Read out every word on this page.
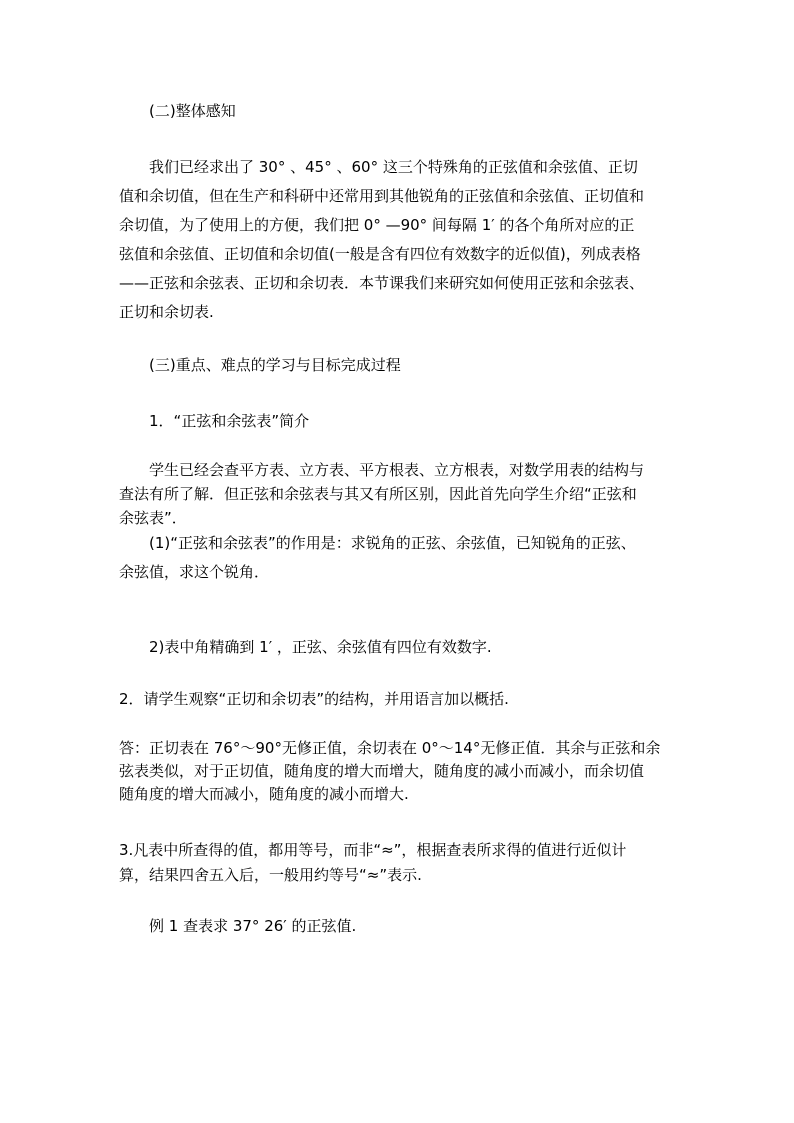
(二)整体感知

我们已经求出了 30° 、45° 、60° 这三个特殊角的正弦值和余弦值、正切
值和余切值，但在生产和科研中还常用到其他锐角的正弦值和余弦值、正切值和
余切值，为了使用上的方便，我们把 0° —90° 间每隔 1′ 的各个角所对应的正
弦值和余弦值、正切值和余切值(一般是含有四位有效数字的近似值)，列成表格
——正弦和余弦表、正切和余切表．本节课我们来研究如何使用正弦和余弦表、
正切和余切表.

(三)重点、难点的学习与目标完成过程

1．“正弦和余弦表”简介

学生已经会查平方表、立方表、平方根表、立方根表，对数学用表的结构与
查法有所了解．但正弦和余弦表与其又有所区别，因此首先向学生介绍“正弦和
余弦表”．

(1)“正弦和余弦表”的作用是：求锐角的正弦、余弦值，已知锐角的正弦、
余弦值，求这个锐角．

2)表中角精确到 1′ ，正弦、余弦值有四位有效数字.

2．请学生观察“正切和余切表”的结构，并用语言加以概括.

答：正切表在 76°～90°无修正值，余切表在 0°～14°无修正值．其余与正弦和余
弦表类似，对于正切值，随角度的增大而增大，随角度的减小而减小，而余切值
随角度的增大而减小，随角度的减小而增大.

3.凡表中所查得的值，都用等号，而非“≈”，根据查表所求得的值进行近似计
算，结果四舍五入后，一般用约等号“≈”表示.

例 1 查表求 37° 26′ 的正弦值.
